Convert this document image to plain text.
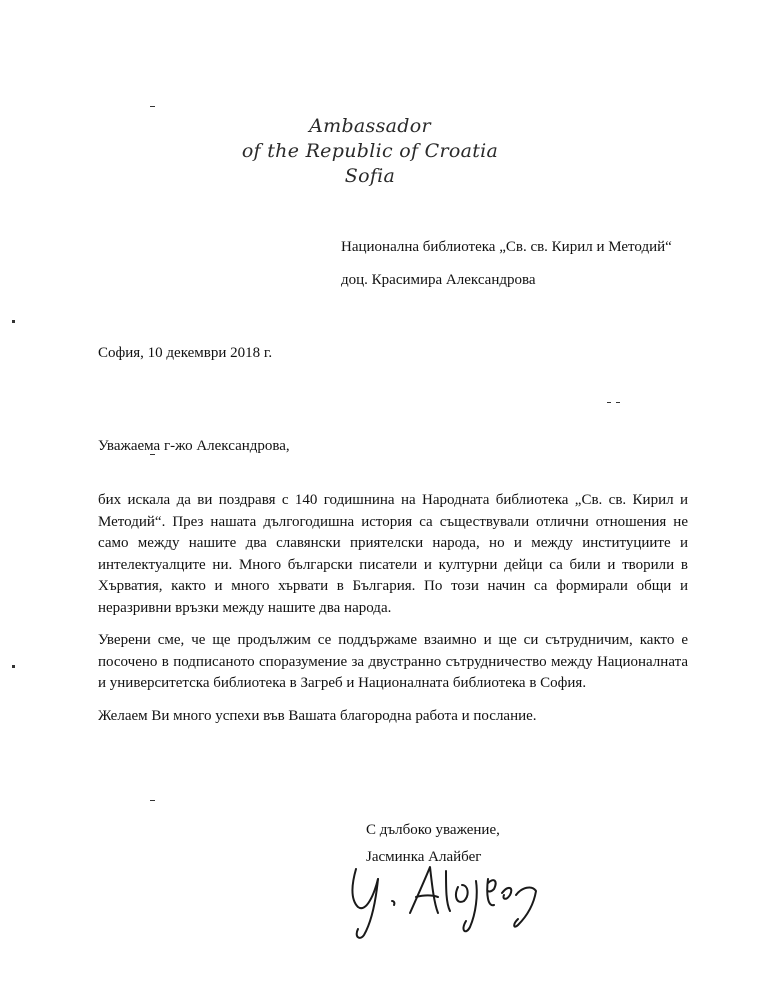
Ambassador
of the Republic of Croatia
Sofia
Национална библиотека „Св. св. Кирил и Методий“
доц. Красимира Александрова
София, 10 декември 2018 г.
Уважаема г-жо Александрова,

бих искала да ви поздравя с 140 годишнина на Народната библиотека „Св. св. Кирил и Методий“. През нашата дългогодишна история са съществували отлични отношения не само между нашите два славянски приятелски народа, но и между институциите и интелектуалците ни. Много български писатели и културни дейци са били и творили в Хърватия, както и много хървати в България. По този начин са формирали общи и неразривни връзки между нашите два народа.

Уверени сме, че ще продължим се поддържаме взаимно и ще си сътрудничим, както е посочено в подписаното споразумение за двустранно сътрудничество между Националната и университетска библиотека в Загреб и Националната библиотека в София.

Желаем Ви много успехи във Вашата благородна работа и послание.

С дълбоко уважение,
Јасминка Алайбег
